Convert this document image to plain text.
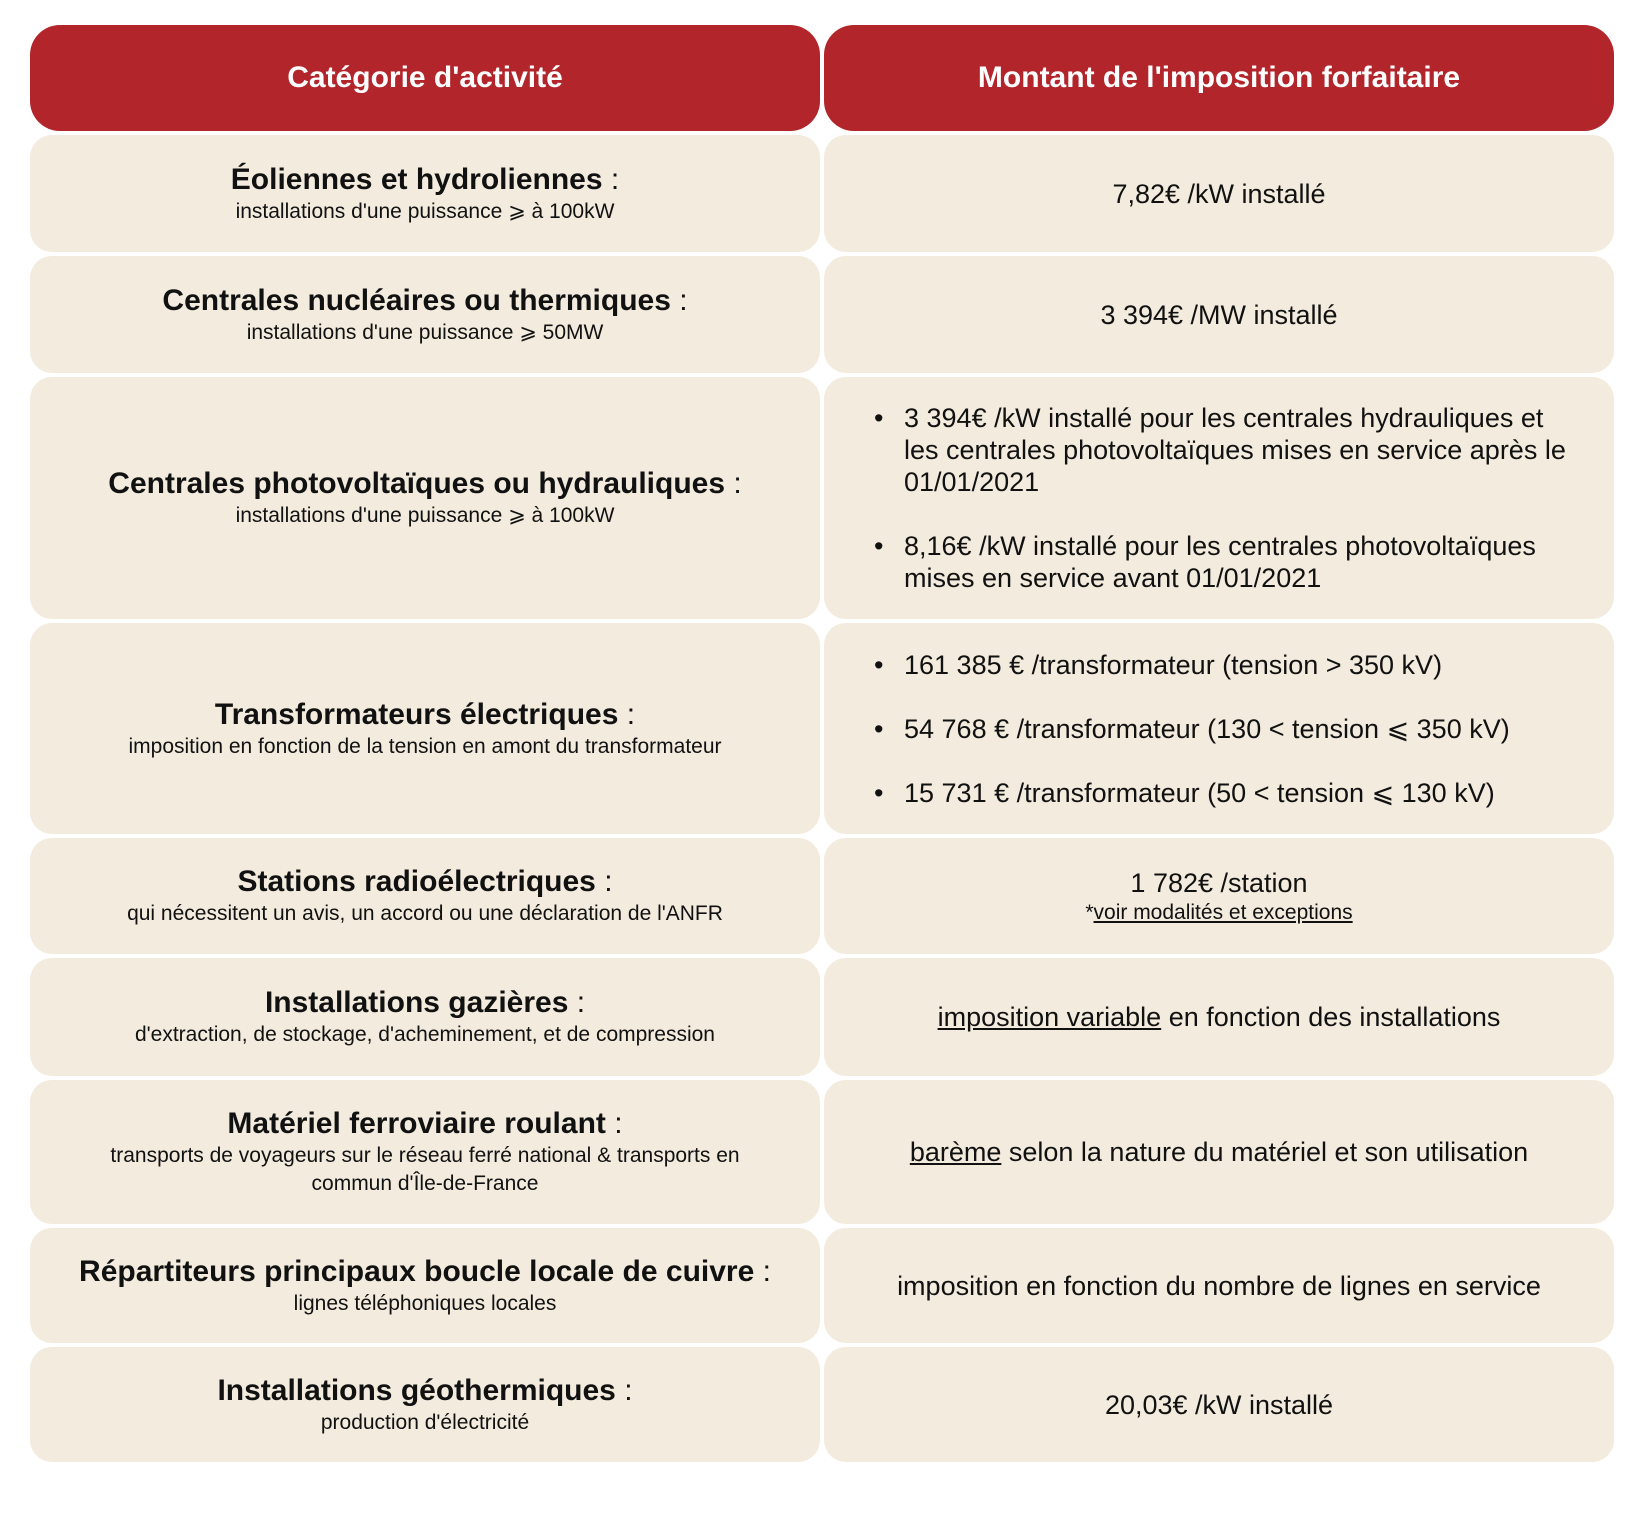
Catégorie d'activité	Montant de l'imposition forfaitaire
Éoliennes et hydroliennes :
installations d'une puissance ⩾ à 100kW
7,82€ /kW installé
Centrales nucléaires ou thermiques :
installations d'une puissance ⩾ 50MW
3 394€ /MW installé
Centrales photovoltaïques ou hydrauliques :
installations d'une puissance ⩾ à 100kW
• 3 394€ /kW installé pour les centrales hydrauliques et les centrales photovoltaïques mises en service après le 01/01/2021
• 8,16€ /kW installé pour les centrales photovoltaïques mises en service avant 01/01/2021
Transformateurs électriques :
imposition en fonction de la tension en amont du transformateur
• 161 385 € /transformateur (tension > 350 kV)
• 54 768 € /transformateur (130 < tension ⩽ 350 kV)
• 15 731 € /transformateur (50 < tension ⩽ 130 kV)
Stations radioélectriques :
qui nécessitent un avis, un accord ou une déclaration de l'ANFR
1 782€ /station
*voir modalités et exceptions
Installations gazières :
d'extraction, de stockage, d'acheminement, et de compression
imposition variable en fonction des installations
Matériel ferroviaire roulant :
transports de voyageurs sur le réseau ferré national & transports en
commun d'Île-de-France
barème selon la nature du matériel et son utilisation
Répartiteurs principaux boucle locale de cuivre :
lignes téléphoniques locales
imposition en fonction du nombre de lignes en service
Installations géothermiques :
production d'électricité
20,03€ /kW installé
